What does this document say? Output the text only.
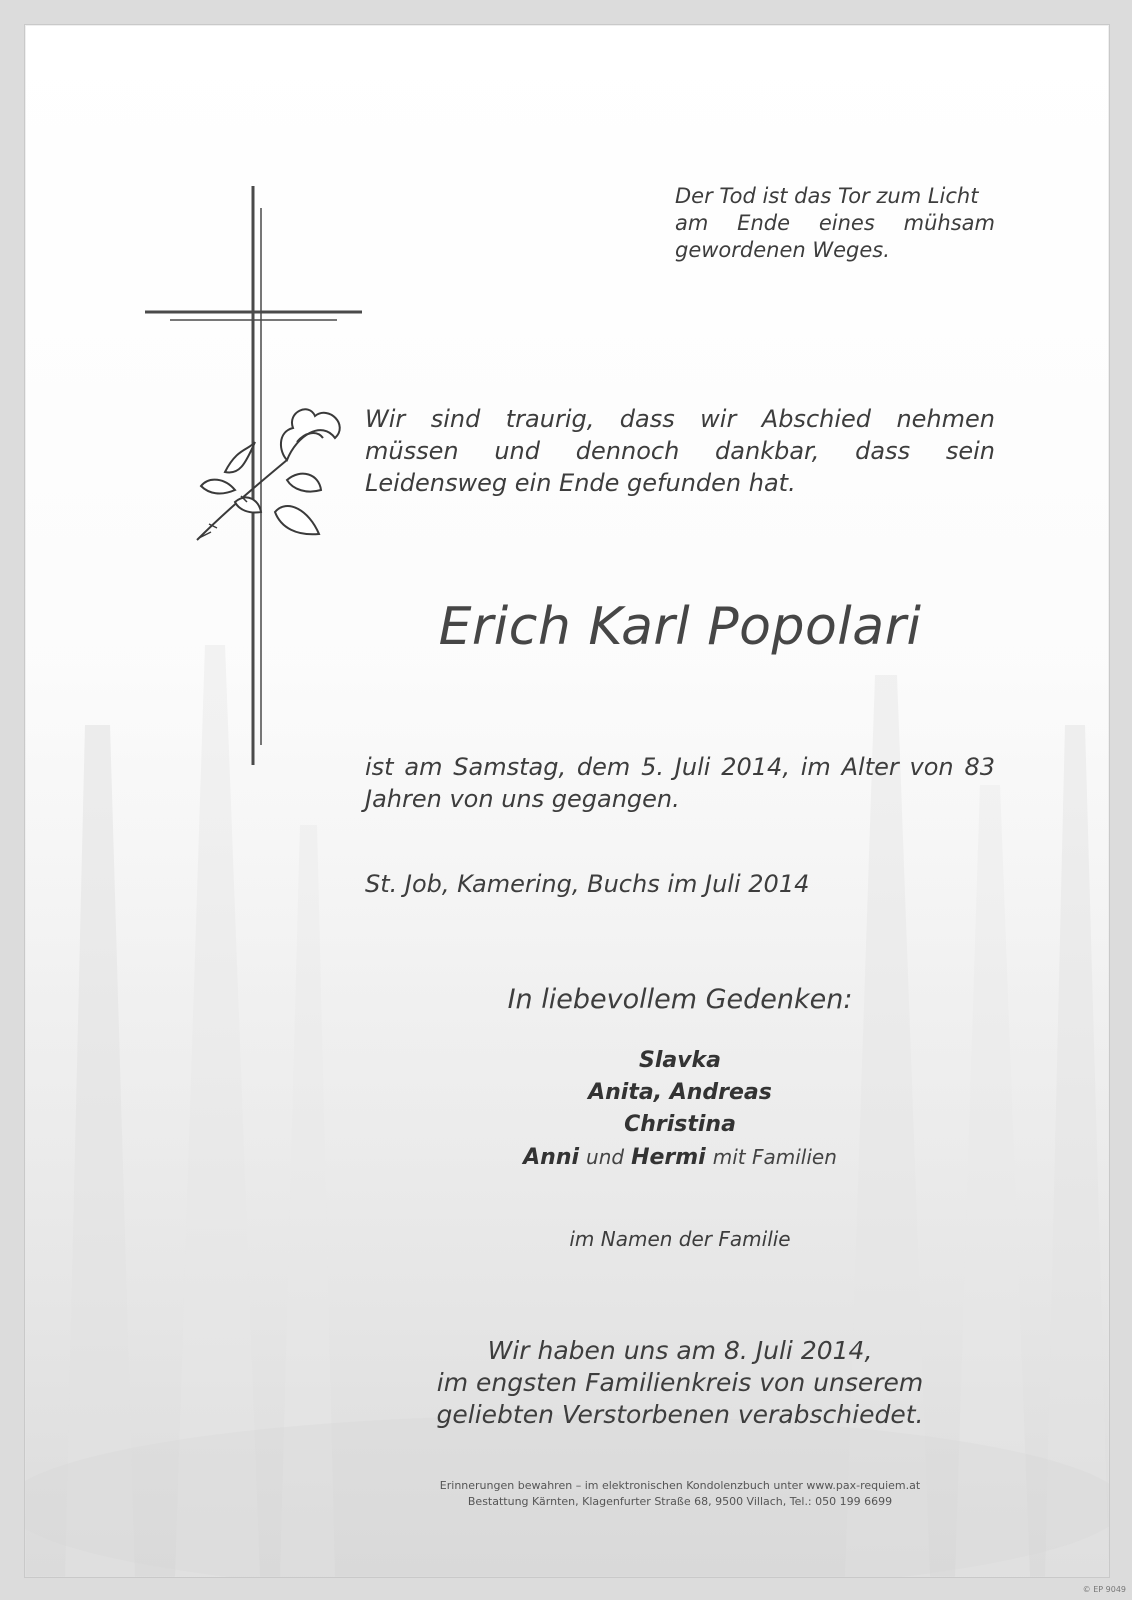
Der Tod ist das Tor zum Licht
am Ende eines mühsam
gewordenen Weges.
Wir sind traurig, dass wir Abschied nehmen
müssen und dennoch dankbar, dass sein
Leidensweg ein Ende gefunden hat.
Erich Karl Popolari
ist am Samstag, dem 5. Juli 2014, im Alter von 83
Jahren von uns gegangen.
St. Job, Kamering, Buchs im Juli 2014
In liebevollem Gedenken:
Slavka
Anita, Andreas
Christina
Anni und Hermi mit Familien
im Namen der Familie
Wir haben uns am 8. Juli 2014,
im engsten Familienkreis von unserem
geliebten Verstorbenen verabschiedet.
Erinnerungen bewahren – im elektronischen Kondolenzbuch unter www.pax-requiem.at
Bestattung Kärnten, Klagenfurter Straße 68, 9500 Villach, Tel.: 050 199 6699
© EP 9049
